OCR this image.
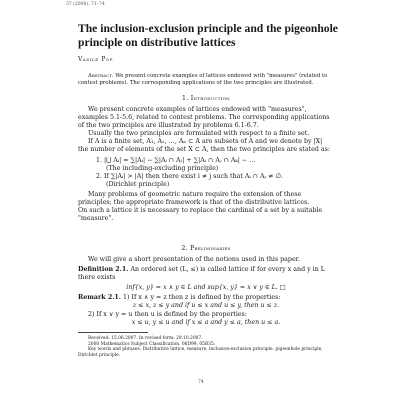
37 (2008), 71–74
The inclusion-exclusion principle and the pigeonhole principle on distributive lattices
Vasile Pop

Abstract. We present concrete examples of lattices endowed with "measures" (related to contest problems). The corresponding applications of the two principles are illustrated.

1. Introduction

We present concrete examples of lattices endowed with "measures", examples 5.1-5.6, related to contest problems. The corresponding applications of the two principles are illustrated by problems 6.1-6.7.

Usually the two principles are formulated with respect to a finite set.

If A is a finite set, A₁, A₂, …, Aₙ ⊂ A are subsets of A and we denote by |X| the number of elements of the set X ⊂ A, then the two principles are stated as:

1. |⋃ Aᵢ| = ∑|Aᵢ| − ∑|Aᵢ ∩ Aⱼ| + ∑|Aᵢ ∩ Aⱼ ∩ Aₖ| − …

(The including-excluding principle)

2. If ∑|Aᵢ| > |A| then there exist i ≠ j such that Aᵢ ∩ Aⱼ ≠ ∅.

(Dirichlet principle)

Many problems of geometric nature require the extension of these principles; the appropriate framework is that of the distributive lattices.

On such a lattice it is necessary to replace the cardinal of a set by a suitable "measure".

2. Preliminaries

We will give a short presentation of the notions used in this paper.

Definition 2.1. An ordered set (L, ≤) is called lattice if for every x and y in L there exists

inf{x, y} = x ∧ y ∈ L and sup{x, y} = x ∨ y ∈ L. □

Remark 2.1. 1) If x ∧ y = z then z is defined by the properties:

z ≤ x, z ≤ y and if u ≤ x and u ≤ y, then u ≤ z.

2) If x ∨ y = u then u is defined by the properties:

x ≤ u, y ≤ u and if x ≤ a and y ≤ a, then u ≤ a.

Received: 15.06.2007. In revised form: 29.10.2007.

2000 Mathematics Subject Classification. 06D99, 05B35.

Key words and phrases. Distributive lattice, measure, inclusion-exclusion principle, pigeonhole principle, Dirichlet principle.

74
